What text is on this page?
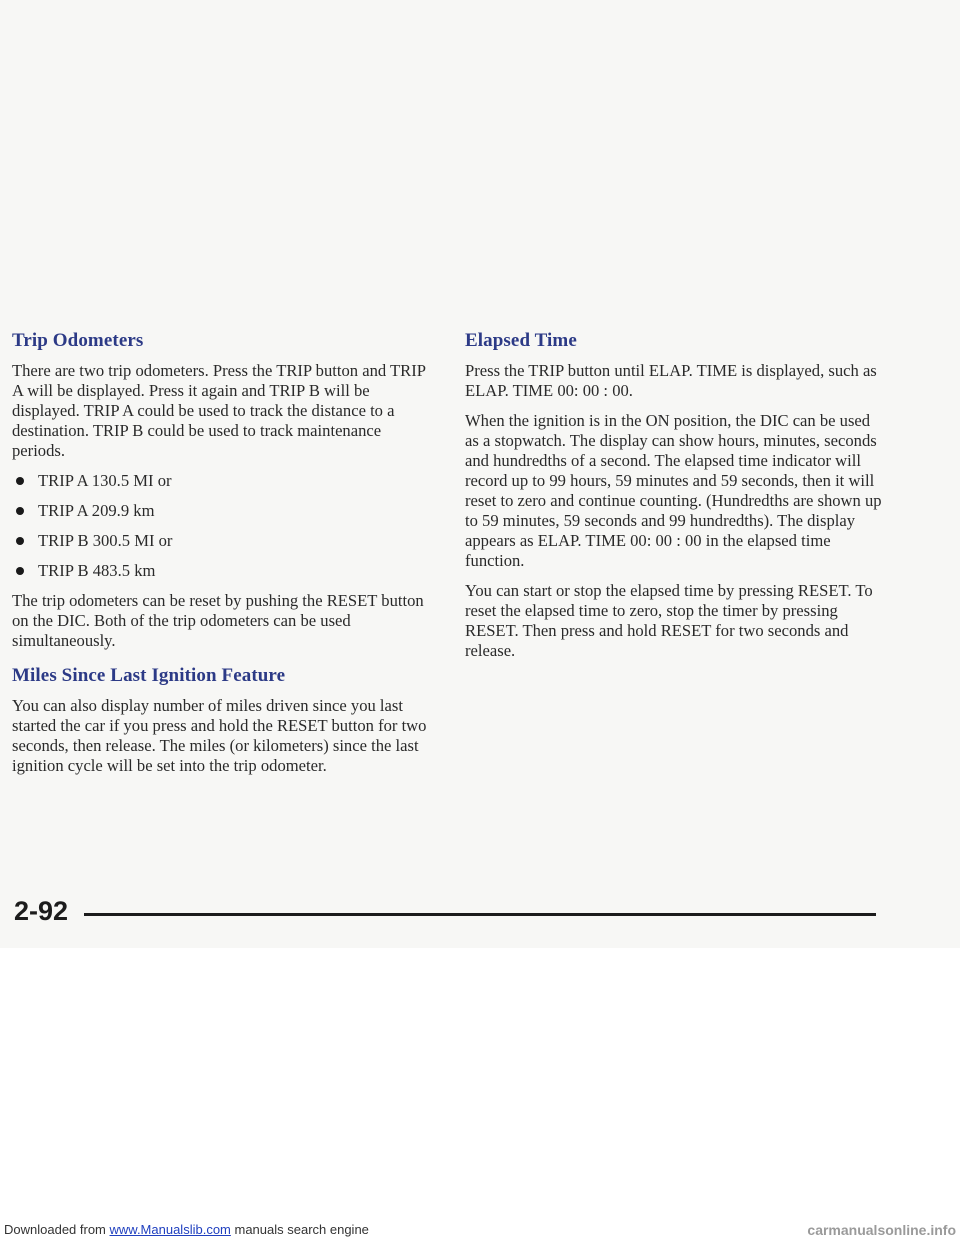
Trip Odometers

There are two trip odometers. Press the TRIP button and TRIP A will be displayed. Press it again and TRIP B will be displayed. TRIP A could be used to track the distance to a destination. TRIP B could be used to track maintenance periods.

TRIP A 130.5 MI or
TRIP A 209.9 km
TRIP B 300.5 MI or
TRIP B 483.5 km

The trip odometers can be reset by pushing the RESET button on the DIC. Both of the trip odometers can be used simultaneously.

Miles Since Last Ignition Feature

You can also display number of miles driven since you last started the car if you press and hold the RESET button for two seconds, then release. The miles (or kilometers) since the last ignition cycle will be set into the trip odometer.

Elapsed Time

Press the TRIP button until ELAP. TIME is displayed, such as ELAP. TIME 00: 00 : 00.

When the ignition is in the ON position, the DIC can be used as a stopwatch. The display can show hours, minutes, seconds and hundredths of a second. The elapsed time indicator will record up to 99 hours, 59 minutes and 59 seconds, then it will reset to zero and continue counting. (Hundredths are shown up to 59 minutes, 59 seconds and 99 hundredths). The display appears as ELAP. TIME 00: 00 : 00 in the elapsed time function.

You can start or stop the elapsed time by pressing RESET. To reset the elapsed time to zero, stop the timer by pressing RESET. Then press and hold RESET for two seconds and release.

2-92
Downloaded from www.Manualslib.com manuals search engine	carmanualsonline.info
